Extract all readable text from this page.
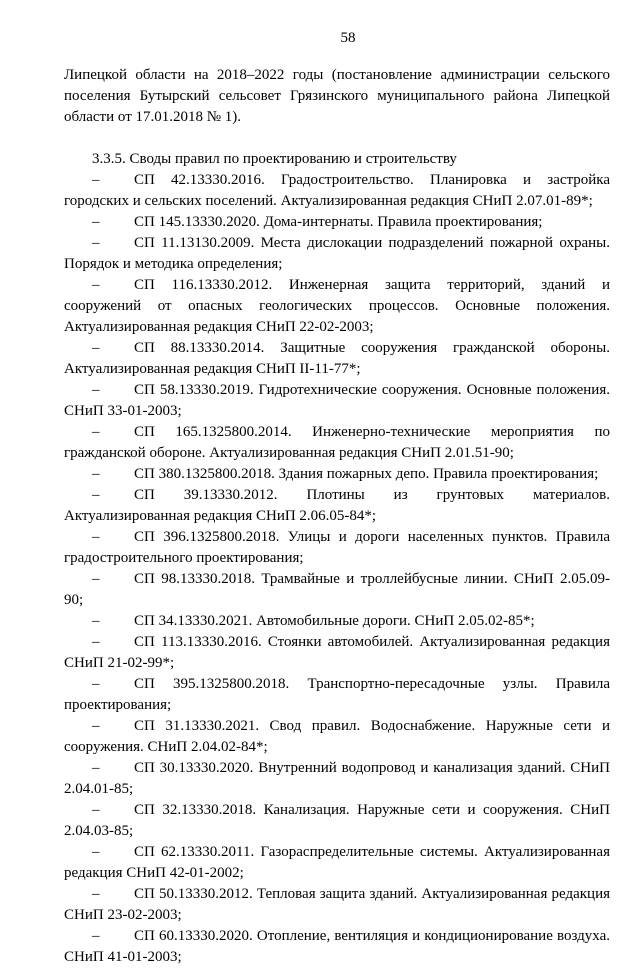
58

Липецкой области на 2018–2022 годы (постановление администрации сельского поселения Бутырский сельсовет Грязинского муниципального района Липецкой области от 17.01.2018 № 1).

3.3.5. Своды правил по проектированию и строительству

– СП 42.13330.2016. Градостроительство. Планировка и застройка городских и сельских поселений. Актуализированная редакция СНиП 2.07.01-89*;

– СП 145.13330.2020. Дома-интернаты. Правила проектирования;

– СП 11.13130.2009. Места дислокации подразделений пожарной охраны. Порядок и методика определения;

– СП 116.13330.2012. Инженерная защита территорий, зданий и сооружений от опасных геологических процессов. Основные положения. Актуализированная редакция СНиП 22-02-2003;

– СП 88.13330.2014. Защитные сооружения гражданской обороны. Актуализированная редакция СНиП II-11-77*;

– СП 58.13330.2019. Гидротехнические сооружения. Основные положения. СНиП 33-01-2003;

– СП 165.1325800.2014. Инженерно-технические мероприятия по гражданской обороне. Актуализированная редакция СНиП 2.01.51-90;

– СП 380.1325800.2018. Здания пожарных депо. Правила проектирования;

– СП 39.13330.2012. Плотины из грунтовых материалов. Актуализированная редакция СНиП 2.06.05-84*;

– СП 396.1325800.2018. Улицы и дороги населенных пунктов. Правила градостроительного проектирования;

– СП 98.13330.2018. Трамвайные и троллейбусные линии. СНиП 2.05.09-90;

– СП 34.13330.2021. Автомобильные дороги. СНиП 2.05.02-85*;

– СП 113.13330.2016. Стоянки автомобилей. Актуализированная редакция СНиП 21-02-99*;

– СП 395.1325800.2018. Транспортно-пересадочные узлы. Правила проектирования;

– СП 31.13330.2021. Свод правил. Водоснабжение. Наружные сети и сооружения. СНиП 2.04.02-84*;

– СП 30.13330.2020. Внутренний водопровод и канализация зданий. СНиП 2.04.01-85;

– СП 32.13330.2018. Канализация. Наружные сети и сооружения. СНиП 2.04.03-85;

– СП 62.13330.2011. Газораспределительные системы. Актуализированная редакция СНиП 42-01-2002;

– СП 50.13330.2012. Тепловая защита зданий. Актуализированная редакция СНиП 23-02-2003;

– СП 60.13330.2020. Отопление, вентиляция и кондиционирование воздуха. СНиП 41-01-2003;
